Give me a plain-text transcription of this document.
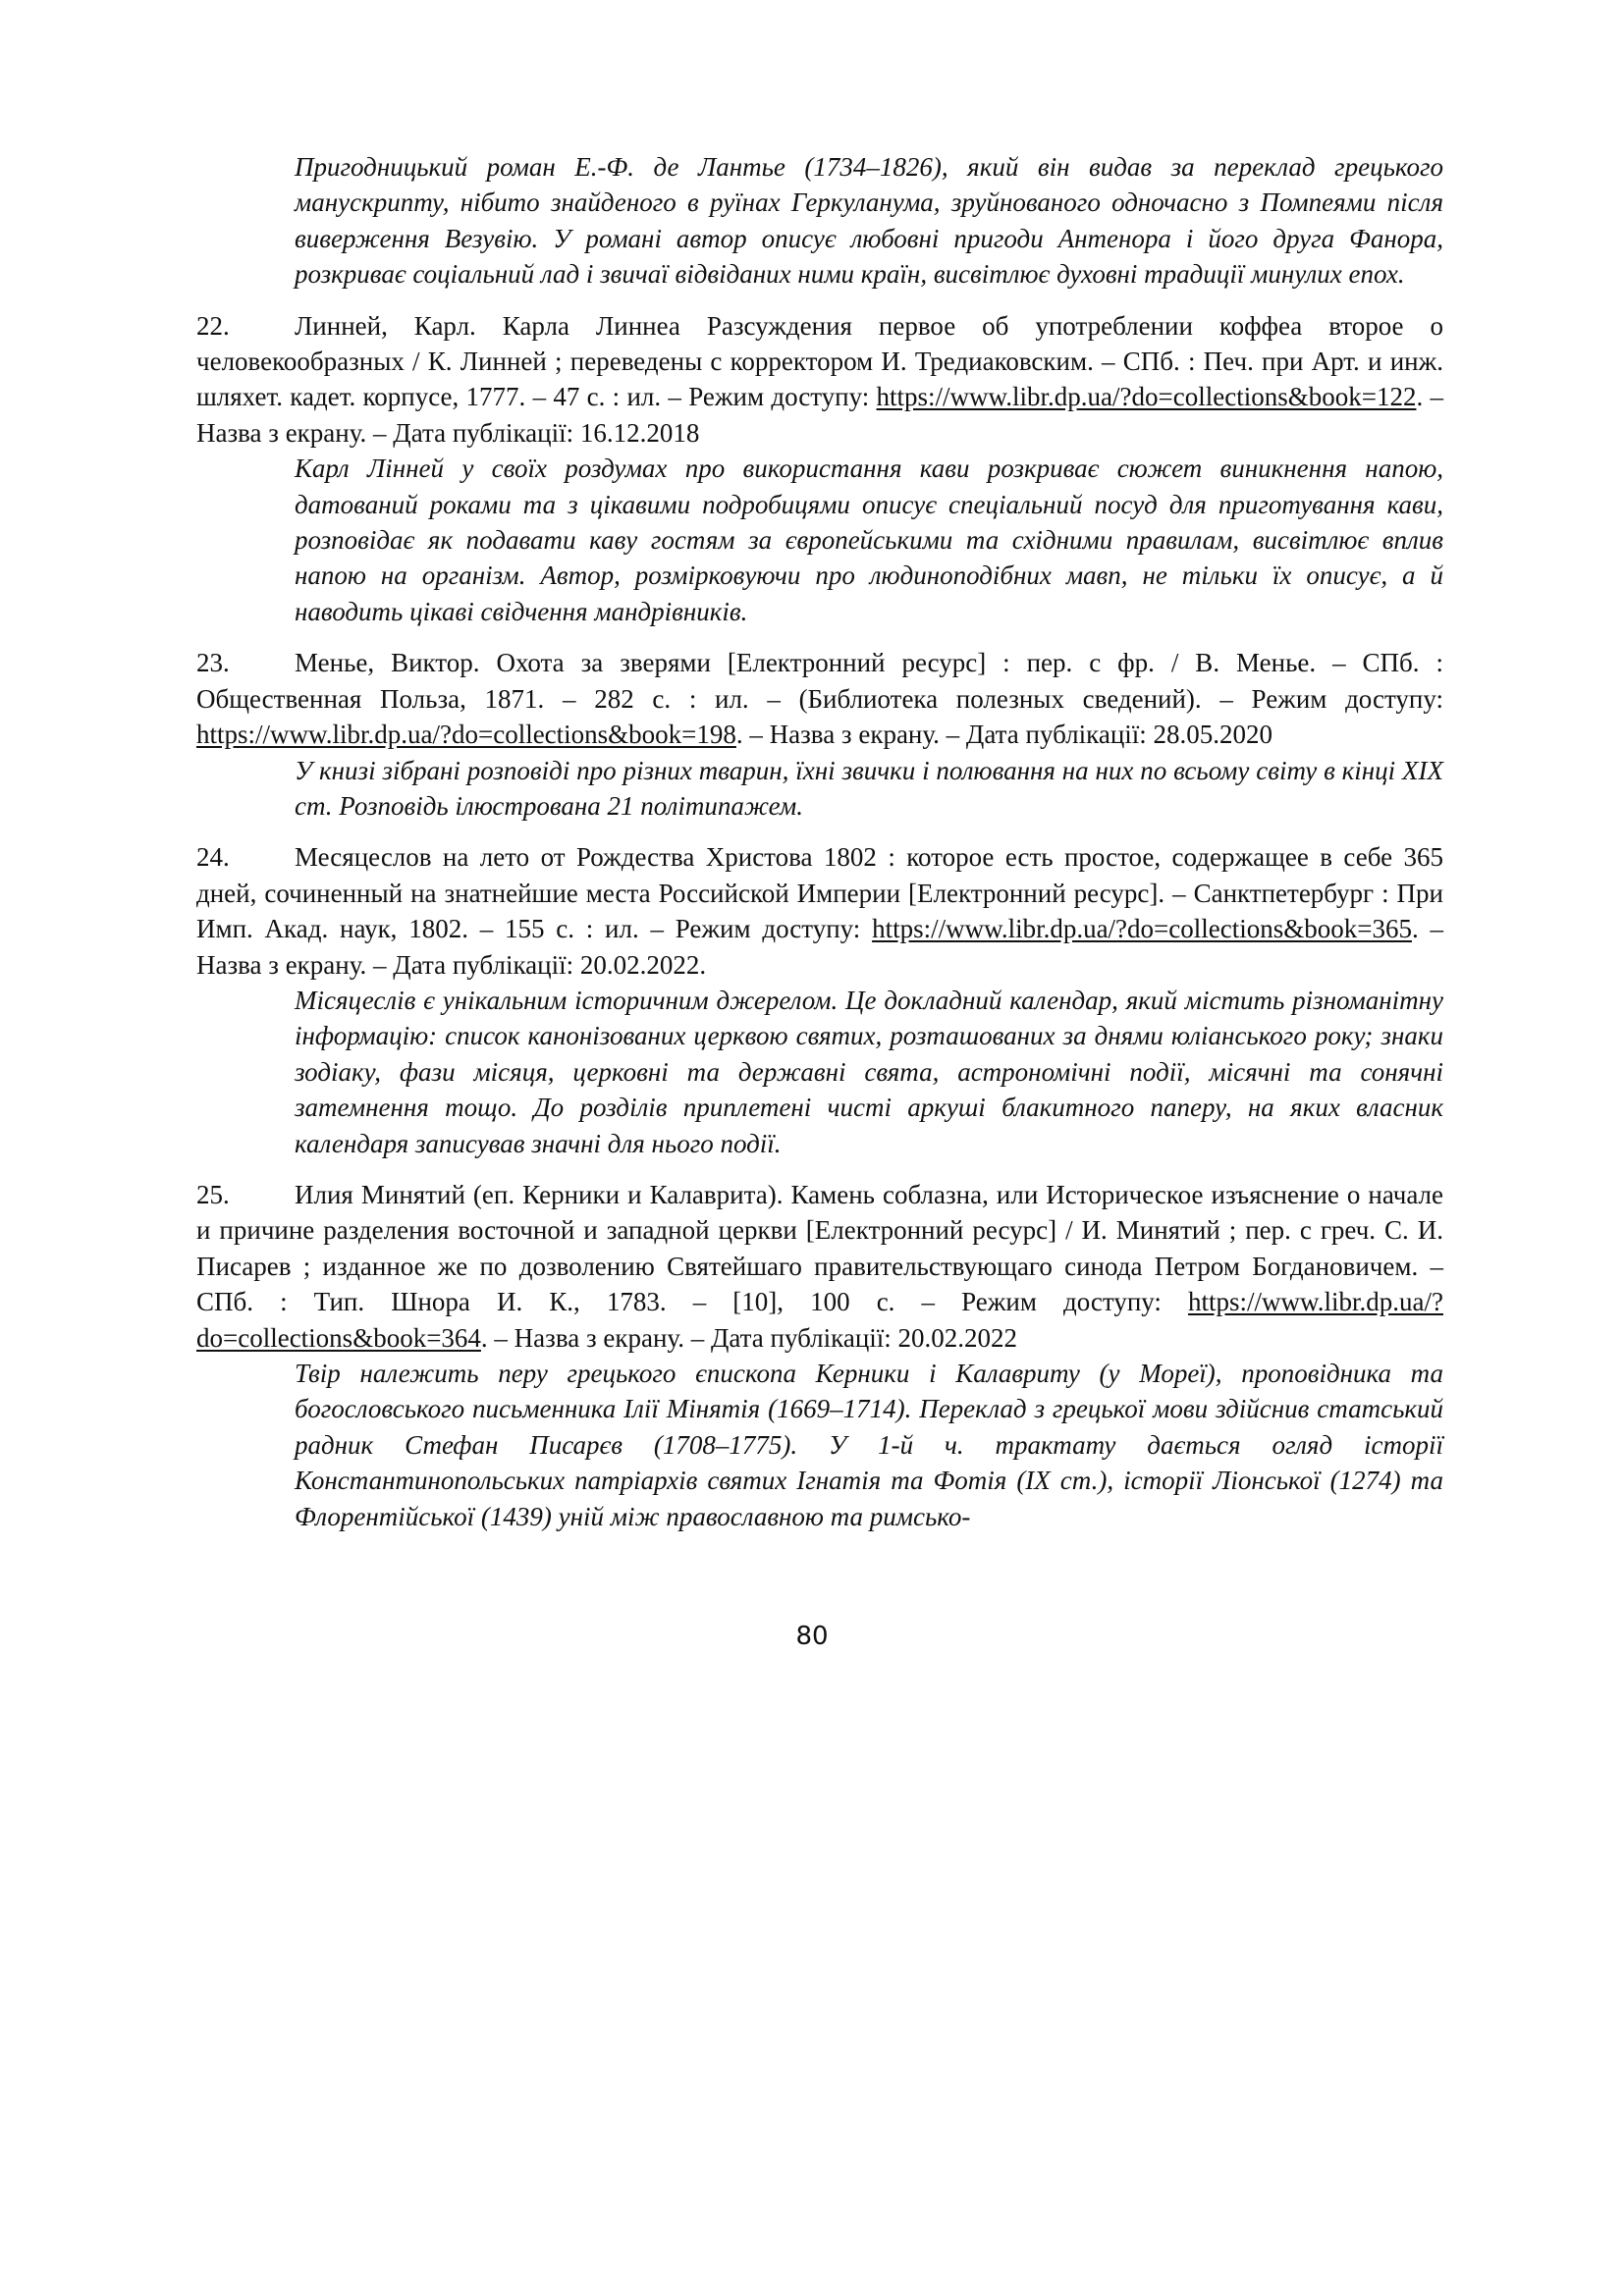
Пригодницький роман Е.-Ф. де Лантье (1734–1826), який він видав за переклад грецького манускрипту, нібито знайденого в руїнах Геркуланума, зруйнованого одночасно з Помпеями після виверження Везувію. У романі автор описує любовні пригоди Антенора і його друга Фанора, розкриває соціальний лад і звичаї відвіданих ними країн, висвітлює духовні традиції минулих епох.

22. Линней, Карл. Карла Линнеа Разсуждения первое об употреблении коффеа второе о человекообразных / К. Линней ; переведены с корректором И. Тредиаковским. – СПб. : Печ. при Арт. и инж. шляхет. кадет. корпусе, 1777. – 47 с. : ил. – Режим доступу: https://www.libr.dp.ua/?do=collections&book=122. – Назва з екрану. – Дата публікації: 16.12.2018

Карл Лінней у своїх роздумах про використання кави розкриває сюжет виникнення напою, датований роками та з цікавими подробицями описує спеціальний посуд для приготування кави, розповідає як подавати каву гостям за європейськими та східними правилам, висвітлює вплив напою на організм. Автор, розмірковуючи про людиноподібних мавп, не тільки їх описує, а й наводить цікаві свідчення мандрівників.

23. Менье, Виктор. Охота за зверями [Електронний ресурс] : пер. с фр. / В. Менье. – СПб. : Общественная Польза, 1871. – 282 с. : ил. – (Библиотека полезных сведений). – Режим доступу: https://www.libr.dp.ua/?do=collections&book=198. – Назва з екрану. – Дата публікації: 28.05.2020

У книзі зібрані розповіді про різних тварин, їхні звички і полювання на них по всьому світу в кінці XIX ст. Розповідь ілюстрована 21 політипажем.

24. Месяцеслов на лето от Рождества Христова 1802 : которое есть простое, содержащее в себе 365 дней, сочиненный на знатнейшие места Российской Империи [Електронний ресурс]. – Санктпетербург : При Имп. Акад. наук, 1802. – 155 с. : ил. – Режим доступу: https://www.libr.dp.ua/?do=collections&book=365. – Назва з екрану. – Дата публікації: 20.02.2022.

Місяцеслів є унікальним історичним джерелом. Це докладний календар, який містить різноманітну інформацію: список канонізованих церквою святих, розташованих за днями юліанського року; знаки зодіаку, фази місяця, церковні та державні свята, астрономічні події, місячні та сонячні затемнення тощо. До розділів приплетені чисті аркуші блакитного паперу, на яких власник календаря записував значні для нього події.

25. Илия Минятий (еп. Керники и Калаврита). Камень соблазна, или Историческое изъяснение о начале и причине разделения восточной и западной церкви [Електронний ресурс] / И. Минятий ; пер. с греч. С. И. Писарев ; изданное же по дозволению Святейшаго правительствующаго синода Петром Богдановичем. – СПб. : Тип. Шнора И. К., 1783. – [10], 100 с. – Режим доступу: https://www.libr.dp.ua/?do=collections&book=364. – Назва з екрану. – Дата публікації: 20.02.2022

Твір належить перу грецького єпископа Керники і Калавриту (у Мореї), проповідника та богословського письменника Ілії Мінятія (1669–1714). Переклад з грецької мови здійснив статський радник Стефан Писарєв (1708–1775). У 1-й ч. трактату дається огляд історії Константинопольських патріархів святих Ігнатія та Фотія (IX ст.), історії Ліонської (1274) та Флорентійської (1439) уній між православною та римсько-

80
